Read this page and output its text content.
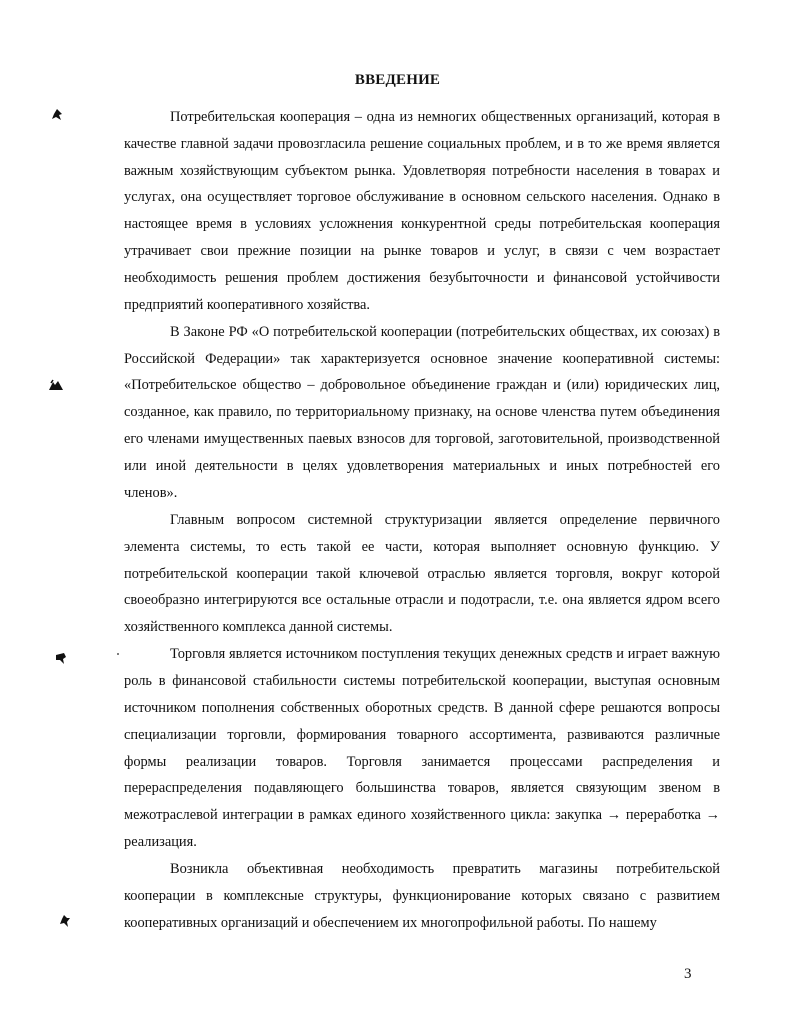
ВВЕДЕНИЕ

Потребительская кооперация – одна из немногих общественных организаций, которая в качестве главной задачи провозгласила решение социальных проблем, и в то же время является важным хозяйствующим субъектом рынка. Удовлетворяя потребности населения в товарах и услугах, она осуществляет торговое обслуживание в основном сельского населения. Однако в настоящее время в условиях усложнения конкурентной среды потребительская кооперация утрачивает свои прежние позиции на рынке товаров и услуг, в связи с чем возрастает необходимость решения проблем достижения безубыточности и финансовой устойчивости предприятий кооперативного хозяйства.

В Законе РФ «О потребительской кооперации (потребительских обществах, их союзах) в Российской Федерации» так характеризуется основное значение кооперативной системы: «Потребительское общество – добровольное объединение граждан и (или) юридических лиц, созданное, как правило, по территориальному признаку, на основе членства путем объединения его членами имущественных паевых взносов для торговой, заготовительной, производственной или иной деятельности в целях удовлетворения материальных и иных потребностей его членов».

Главным вопросом системной структуризации является определение первичного элемента системы, то есть такой ее части, которая выполняет основную функцию. У потребительской кооперации такой ключевой отраслью является торговля, вокруг которой своеобразно интегрируются все остальные отрасли и подотрасли, т.е. она является ядром всего хозяйственного комплекса данной системы.

Торговля является источником поступления текущих денежных средств и играет важную роль в финансовой стабильности системы потребительской кооперации, выступая основным источником пополнения собственных оборотных средств. В данной сфере решаются вопросы специализации торговли, формирования товарного ассортимента, развиваются различные формы реализации товаров. Торговля занимается процессами распределения и перераспределения подавляющего большинства товаров, является связующим звеном в межотраслевой интеграции в рамках единого хозяйственного цикла: закупка → переработка → реализация.

Возникла объективная необходимость превратить магазины потребительской кооперации в комплексные структуры, функционирование которых связано с развитием кооперативных организаций и обеспечением их многопрофильной работы. По нашему

3
